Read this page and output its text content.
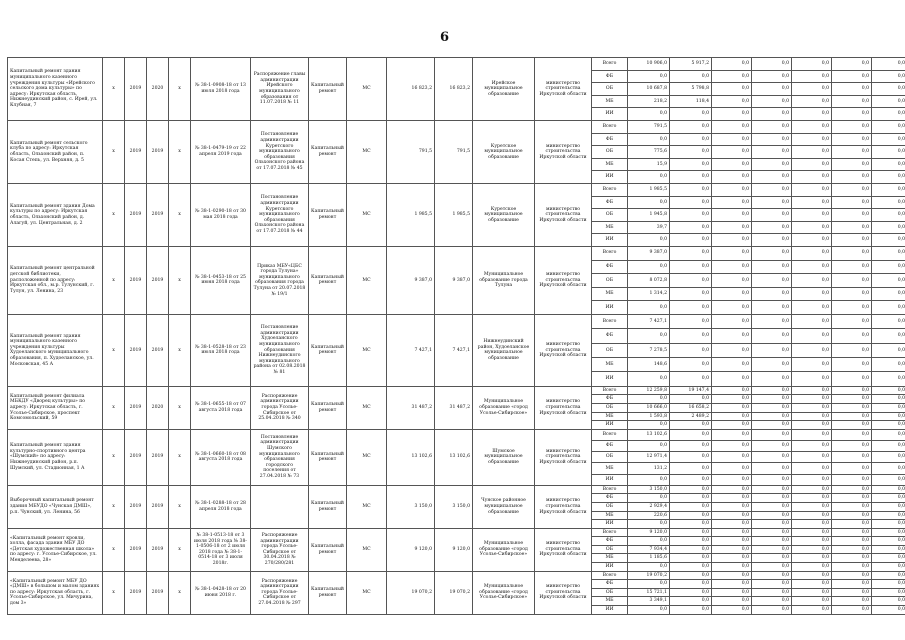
6
Капитальный ремонт здания муниципального казенного учреждения культуры «Ирейского сельского дома культуры» по адресу: Иркутская область, Нижнеудинский район, с. Ирей, ул. Клубная, 7	х	2019	2020	х	№ 38-1-0908-18 от 13 июля 2018 года	Распоряжение главы администрации Ирейского муниципального образования от 11.07.2018 № 11	Капитальный ремонт	МС	16 823,2	16 823,2	Ирейское муниципальное образование	министерство строительства Иркутской области	Всего	10 906,0	5 917,2	0,0	0,0	0,0	0,0	0,0
													ФБ	0,0	0,0	0,0	0,0	0,0	0,0	0,0
													ОБ	10 687,8	5 798,8	0,0	0,0	0,0	0,0	0,0
													МБ	218,2	118,4	0,0	0,0	0,0	0,0	0,0
													ИИ	0,0	0,0	0,0	0,0	0,0	0,0	0,0

Капитальный ремонт сельского клуба по адресу: Иркутская область, Ольхонский район, п. Косая Степь, ул. Верхняя, д. 5	х	2019	2019	х	№ 38-1-0479-19 от 22 апреля 2019 года	Постановление администрации Куретского муниципального образования Ольхонского района от 17.07.2018 № 45	Капитальный ремонт	МС	791,5	791,5	Куретское муниципальное образование	министерство строительства Иркутской области	Всего	791,5	0,0	0,0	0,0	0,0	0,0	0,0
													ФБ	0,0	0,0	0,0	0,0	0,0	0,0	0,0
													ОБ	775,6	0,0	0,0	0,0	0,0	0,0	0,0
													МБ	15,9	0,0	0,0	0,0	0,0	0,0	0,0
													ИИ	0,0	0,0	0,0	0,0	0,0	0,0	0,0

Капитальный ремонт здания Дома культуры по адресу: Иркутская область, Ольхонский район, д. Алагуй, ул. Центральная, д. 2	х	2019	2019	х	№ 38-1-0290-18 от 30 мая 2018 года	Постановление администрации Куретского муниципального образования Ольхонского района от 17.07.2018 № 44	Капитальный ремонт	МС	1 985,5	1 985,5	Куретское муниципальное образование	министерство строительства Иркутской области	Всего	1 985,5	0,0	0,0	0,0	0,0	0,0	0,0
													ФБ	0,0	0,0	0,0	0,0	0,0	0,0	0,0
													ОБ	1 945,8	0,0	0,0	0,0	0,0	0,0	0,0
													МБ	39,7	0,0	0,0	0,0	0,0	0,0	0,0
													ИИ	0,0	0,0	0,0	0,0	0,0	0,0	0,0

Капитальный ремонт центральной детской библиотеки, расположенной по адресу: Иркутская обл., м.р. Тулунский, г. Тулун, ул. Ленина, 23	х	2019	2019	х	№ 38-1-0453-18 от 25 июня 2018 года	Приказ МБУ«ЦБС города Тулуна» муниципального образования города Тулуна от 20.07.2018 № 19/1	Капитальный ремонт	МС	9 387,0	9 387,0	Муниципальное образование города Тулуна	министерство строительства Иркутской области	Всего	9 387,0	0,0	0,0	0,0	0,0	0,0	0,0
													ФБ	0,0	0,0	0,0	0,0	0,0	0,0	0,0
													ОБ	8 072,8	0,0	0,0	0,0	0,0	0,0	0,0
													МБ	1 314,2	0,0	0,0	0,0	0,0	0,0	0,0
													ИИ	0,0	0,0	0,0	0,0	0,0	0,0	0,0

Капитальный ремонт здания муниципального казенного учреждения культуры Худоеланского муниципального образования, п. Худоеланское, ул. Московская, 45 А	х	2019	2019	х	№ 38-1-0528-18 от 23 июля 2018 года	Постановление администрации Худоеланского муниципального образования Нижнеудинского муниципального района от 02.08.2018 № 81	Капитальный ремонт	МС	7 427,1	7 427,1	Нижнеудинский район, Худоеланское муниципальное образование	министерство строительства Иркутской области	Всего	7 427,1	0,0	0,0	0,0	0,0	0,0	0,0
													ФБ	0,0	0,0	0,0	0,0	0,0	0,0	0,0
													ОБ	7 278,5	0,0	0,0	0,0	0,0	0,0	0,0
													МБ	148,6	0,0	0,0	0,0	0,0	0,0	0,0
													ИИ	0,0	0,0	0,0	0,0	0,0	0,0	0,0

Капитальный ремонт филиала МБКДУ «Дворец культуры» по адресу: Иркутская область, г. Усолье-Сибирское, проспект Комсомольский, 59	х	2019	2020	х	№ 38-1-0655-18 от 07 августа 2018 года	Распоряжение администрации города Усолье-Сибирское от 25.04.2018 № 340	Капитальный ремонт	МС	31 487,2	31 487,2	Муниципальное образование «город Усолье-Сибирское»	министерство строительства Иркутской области	Всего	12 259,8	19 147,4	0,0	0,0	0,0	0,0	0,0
													ФБ	0,0	0,0	0,0	0,0	0,0	0,0	0,0
													ОБ	10 666,0	16 658,2	0,0	0,0	0,0	0,0	0,0
													МБ	1 593,8	2 489,2	0,0	0,0	0,0	0,0	0,0
													ИИ	0,0	0,0	0,0	0,0	0,0	0,0	0,0

Капитальный ремонт здания культурно-спортивного центра «Шумский» по адресу: Нижнеудинский район, р.п. Шумский, ул. Стадионная, 1 А	х	2019	2019	х	№ 38-1-0660-18 от 08 августа 2018 года	Постановление администрации Шумского муниципального образования городского поселения от 27.04.2018 № 73	Капитальный ремонт	МС	13 102,6	13 102,6	Шумское муниципальное образование	министерство строительства Иркутской области	Всего	13 102,6	0,0	0,0	0,0	0,0	0,0	0,0
													ФБ	0,0	0,0	0,0	0,0	0,0	0,0	0,0
													ОБ	12 971,4	0,0	0,0	0,0	0,0	0,0	0,0
													МБ	131,2	0,0	0,0	0,0	0,0	0,0	0,0
													ИИ	0,0	0,0	0,0	0,0	0,0	0,0	0,0

Выборочный капитальный ремонт здания МБУДО «Чунская ДМШ», р.п. Чунский, ул. Ленина, 56	х	2019	2019	х	№ 38-1-0288-18 от 28 апреля 2018 года		Капитальный ремонт	МС	3 150,0	3 150,0	Чунское районное муниципальное образование	министерство строительства Иркутской области	Всего	3 150,0	0,0	0,0	0,0	0,0	0,0	0,0
													ФБ	0,0	0,0	0,0	0,0	0,0	0,0	0,0
													ОБ	2 929,4	0,0	0,0	0,0	0,0	0,0	0,0
													МБ	220,6	0,0	0,0	0,0	0,0	0,0	0,0
													ИИ	0,0	0,0	0,0	0,0	0,0	0,0	0,0

«Капитальный ремонт кровли, холла, фасада здания МБУ ДО «Детская художественная школа» по адресу: г. Усолье-Сибирское, ул. Менделеева, 28»	х	2019	2019	х	№ 38-1-0513-18 от 3 июля 2018 года № 38-1-0506-18 от 2 июля 2018 года № 38-1-0514-18 от 3 июля 2018г.	Распоряжение администрации города Усолье-Сибирское от 30.04.2018 № 270/280/281	Капитальный ремонт	МС	9 120,0	9 120,0	Муниципальное образование «город Усолье-Сибирское»	министерство строительства Иркутской области	Всего	9 120,0	0,0	0,0	0,0	0,0	0,0	0,0
													ФБ	0,0	0,0	0,0	0,0	0,0	0,0	0,0
													ОБ	7 934,4	0,0	0,0	0,0	0,0	0,0	0,0
													МБ	1 185,6	0,0	0,0	0,0	0,0	0,0	0,0
													ИИ	0,0	0,0	0,0	0,0	0,0	0,0	0,0

«Капитальный ремонт МБУ ДО «ДМШ» в большом и малом зданиях по адресу: Иркутская область, г. Усолье-Сибирское, ул. Мичурина, дом 3»	х	2019	2019	х	№ 38-1-0428-18 от 20 июня 2018 г.	Распоряжение администрации города Усолье-Сибирское от 27.04.2018 № 297	Капитальный ремонт	МС	19 070,2	19 070,2	Муниципальное образование «город Усолье-Сибирское»	министерство строительства Иркутской области	Всего	19 070,2	0,0	0,0	0,0	0,0	0,0	0,0
													ФБ	0,0	0,0	0,0	0,0	0,0	0,0	0,0
													ОБ	15 721,1	0,0	0,0	0,0	0,0	0,0	0,0
													МБ	3 349,1	0,0	0,0	0,0	0,0	0,0	0,0
													ИИ	0,0	0,0	0,0	0,0	0,0	0,0	0,0
